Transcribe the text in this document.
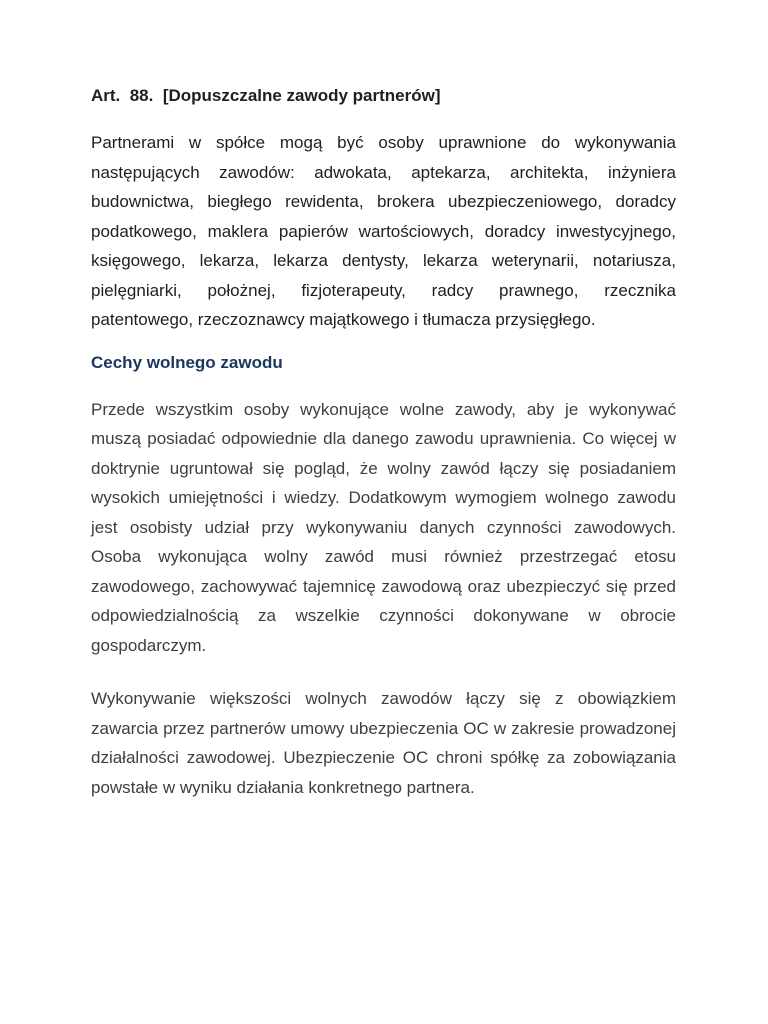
Art.  88. [Dopuszczalne zawody partnerów]

Partnerami w spółce mogą być osoby uprawnione do wykonywania następujących zawodów: adwokata, aptekarza, architekta, inżyniera budownictwa, biegłego rewidenta, brokera ubezpieczeniowego, doradcy podatkowego, maklera papierów wartościowych, doradcy inwestycyjnego, księgowego, lekarza, lekarza dentysty, lekarza weterynarii, notariusza, pielęgniarki, położnej, fizjoterapeuty, radcy prawnego, rzecznika patentowego, rzeczoznawcy majątkowego i tłumacza przysięgłego.

Cechy wolnego zawodu

Przede wszystkim osoby wykonujące wolne zawody, aby je wykonywać muszą posiadać odpowiednie dla danego zawodu uprawnienia. Co więcej w doktrynie ugruntował się pogląd, że wolny zawód łączy się posiadaniem wysokich umiejętności i wiedzy. Dodatkowym wymogiem wolnego zawodu jest osobisty udział przy wykonywaniu danych czynności zawodowych. Osoba wykonująca wolny zawód musi również przestrzegać etosu zawodowego, zachowywać tajemnicę zawodową oraz ubezpieczyć się przed odpowiedzialnością za wszelkie czynności dokonywane w obrocie gospodarczym.

Wykonywanie większości wolnych zawodów łączy się z obowiązkiem zawarcia przez partnerów umowy ubezpieczenia OC w zakresie prowadzonej działalności zawodowej. Ubezpieczenie OC chroni spółkę za zobowiązania powstałe w wyniku działania konkretnego partnera.
